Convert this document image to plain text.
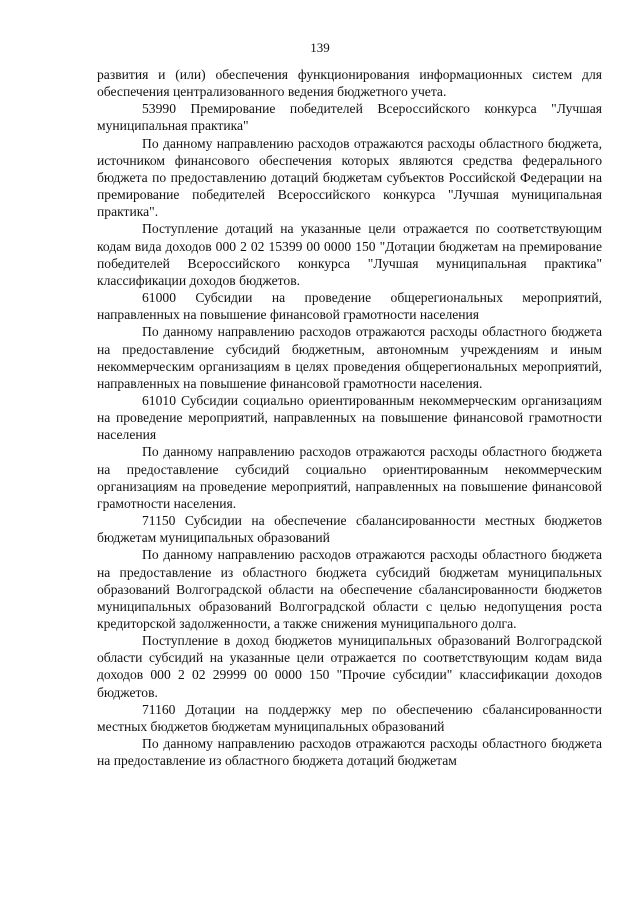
139

развития и (или) обеспечения функционирования информационных систем для обеспечения централизованного ведения бюджетного учета.

53990 Премирование победителей Всероссийского конкурса "Лучшая муниципальная практика"

По данному направлению расходов отражаются расходы областного бюджета, источником финансового обеспечения которых являются средства федерального бюджета по предоставлению дотаций бюджетам субъектов Российской Федерации на премирование победителей Всероссийского конкурса "Лучшая муниципальная практика".

Поступление дотаций на указанные цели отражается по соответствующим кодам вида доходов 000 2 02 15399 00 0000 150 "Дотации бюджетам на премирование победителей Всероссийского конкурса "Лучшая муниципальная практика" классификации доходов бюджетов.

61000 Субсидии на проведение общерегиональных мероприятий, направленных на повышение финансовой грамотности населения

По данному направлению расходов отражаются расходы областного бюджета на предоставление субсидий бюджетным, автономным учреждениям и иным некоммерческим организациям в целях проведения общерегиональных мероприятий, направленных на повышение финансовой грамотности населения.

61010 Субсидии социально ориентированным некоммерческим организациям на проведение мероприятий, направленных на повышение финансовой грамотности населения

По данному направлению расходов отражаются расходы областного бюджета на предоставление субсидий социально ориентированным некоммерческим организациям на проведение мероприятий, направленных на повышение финансовой грамотности населения.

71150 Субсидии на обеспечение сбалансированности местных бюджетов бюджетам муниципальных образований

По данному направлению расходов отражаются расходы областного бюджета на предоставление из областного бюджета субсидий бюджетам муниципальных образований Волгоградской области на обеспечение сбалансированности бюджетов муниципальных образований Волгоградской области с целью недопущения роста кредиторской задолженности, а также снижения муниципального долга.

Поступление в доход бюджетов муниципальных образований Волгоградской области субсидий на указанные цели отражается по соответствующим кодам вида доходов 000 2 02 29999 00 0000 150 "Прочие субсидии" классификации доходов бюджетов.

71160 Дотации на поддержку мер по обеспечению сбалансированности местных бюджетов бюджетам муниципальных образований

По данному направлению расходов отражаются расходы областного бюджета на предоставление из областного бюджета дотаций бюджетам
